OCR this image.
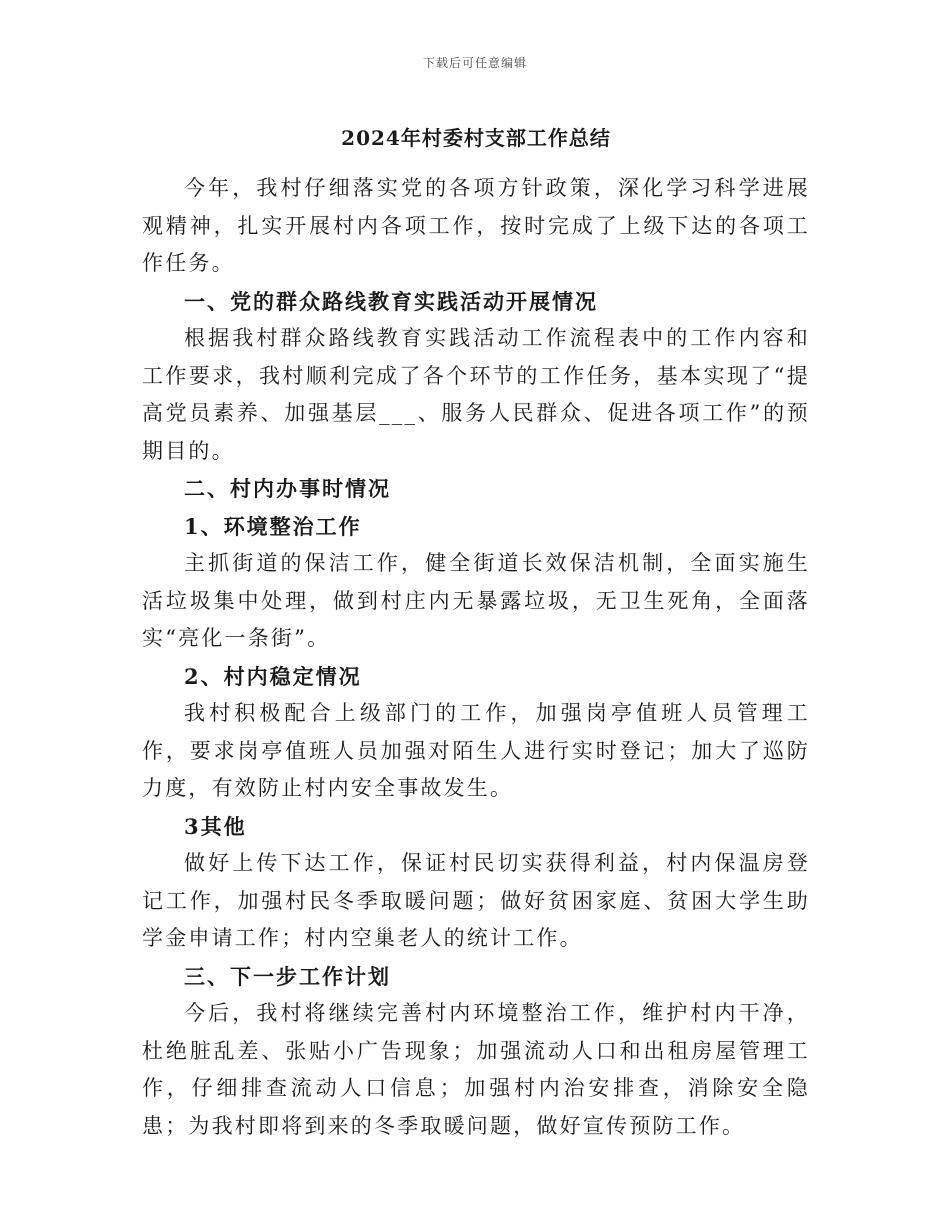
下载后可任意编辑
2024年村委村支部工作总结

今年，我村仔细落实党的各项方针政策，深化学习科学进展观精神，扎实开展村内各项工作，按时完成了上级下达的各项工作任务。

一、党的群众路线教育实践活动开展情况

根据我村群众路线教育实践活动工作流程表中的工作内容和工作要求，我村顺利完成了各个环节的工作任务，基本实现了“提高党员素养、加强基层___、服务人民群众、促进各项工作”的预期目的。

二、村内办事时情况

1、环境整治工作

主抓街道的保洁工作，健全街道长效保洁机制，全面实施生活垃圾集中处理，做到村庄内无暴露垃圾，无卫生死角，全面落实“亮化一条街”。

2、村内稳定情况

我村积极配合上级部门的工作，加强岗亭值班人员管理工作，要求岗亭值班人员加强对陌生人进行实时登记；加大了巡防力度，有效防止村内安全事故发生。

3其他

做好上传下达工作，保证村民切实获得利益，村内保温房登记工作，加强村民冬季取暖问题；做好贫困家庭、贫困大学生助学金申请工作；村内空巢老人的统计工作。

三、下一步工作计划

今后，我村将继续完善村内环境整治工作，维护村内干净，杜绝脏乱差、张贴小广告现象；加强流动人口和出租房屋管理工作，仔细排查流动人口信息；加强村内治安排查，消除安全隐患；为我村即将到来的冬季取暖问题，做好宣传预防工作。
